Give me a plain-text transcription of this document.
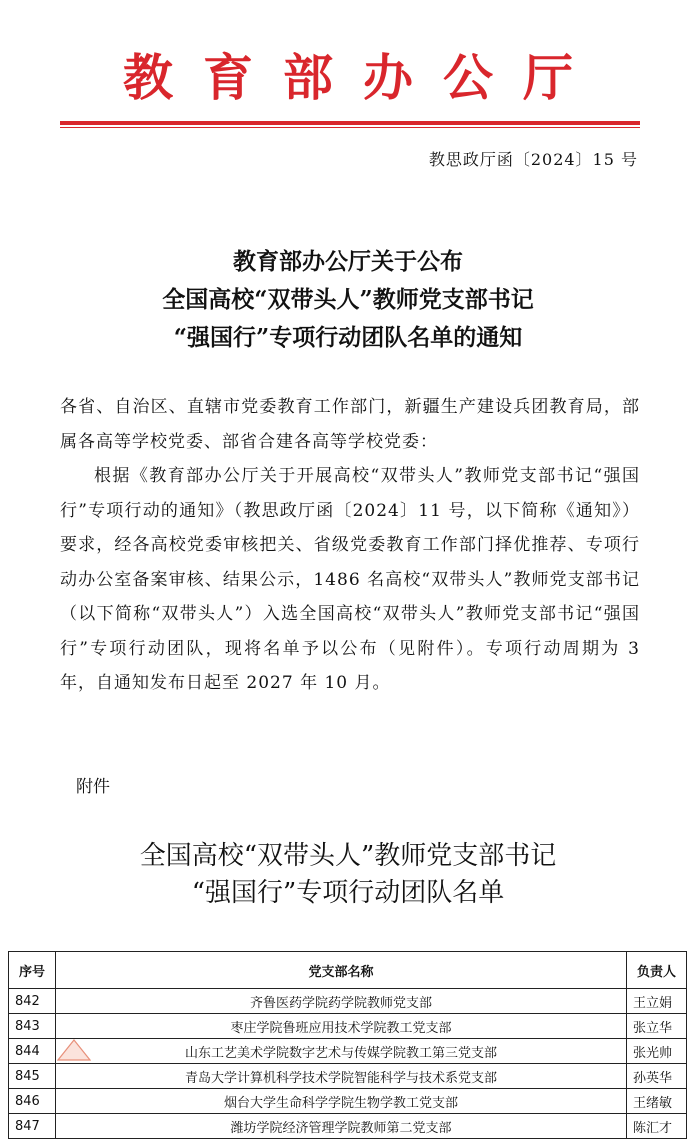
教育部办公厅
教思政厅函〔2024〕15 号
教育部办公厅关于公布
全国高校“双带头人”教师党支部书记
“强国行”专项行动团队名单的通知

各省、自治区、直辖市党委教育工作部门，新疆生产建设兵团教育局，部属各高等学校党委、部省合建各高等学校党委：

根据《教育部办公厅关于开展高校“双带头人”教师党支部书记“强国行”专项行动的通知》（教思政厅函〔2024〕11 号，以下简称《通知》）要求，经各高校党委审核把关、省级党委教育工作部门择优推荐、专项行动办公室备案审核、结果公示，1486 名高校“双带头人”教师党支部书记（以下简称“双带头人”）入选全国高校“双带头人”教师党支部书记“强国行”专项行动团队，现将名单予以公布（见附件）。专项行动周期为 3 年，自通知发布日起至 2027 年 10 月。

附件
全国高校“双带头人”教师党支部书记
“强国行”专项行动团队名单
序号	党支部名称	负责人
842	齐鲁医药学院药学院教师党支部	王立娟
843	枣庄学院鲁班应用技术学院教工党支部	张立华
844	山东工艺美术学院数字艺术与传媒学院教工第三党支部	张光帅
845	青岛大学计算机科学技术学院智能科学与技术系党支部	孙英华
846	烟台大学生命科学学院生物学教工党支部	王绪敏
847	潍坊学院经济管理学院教师第二党支部	陈汇才
